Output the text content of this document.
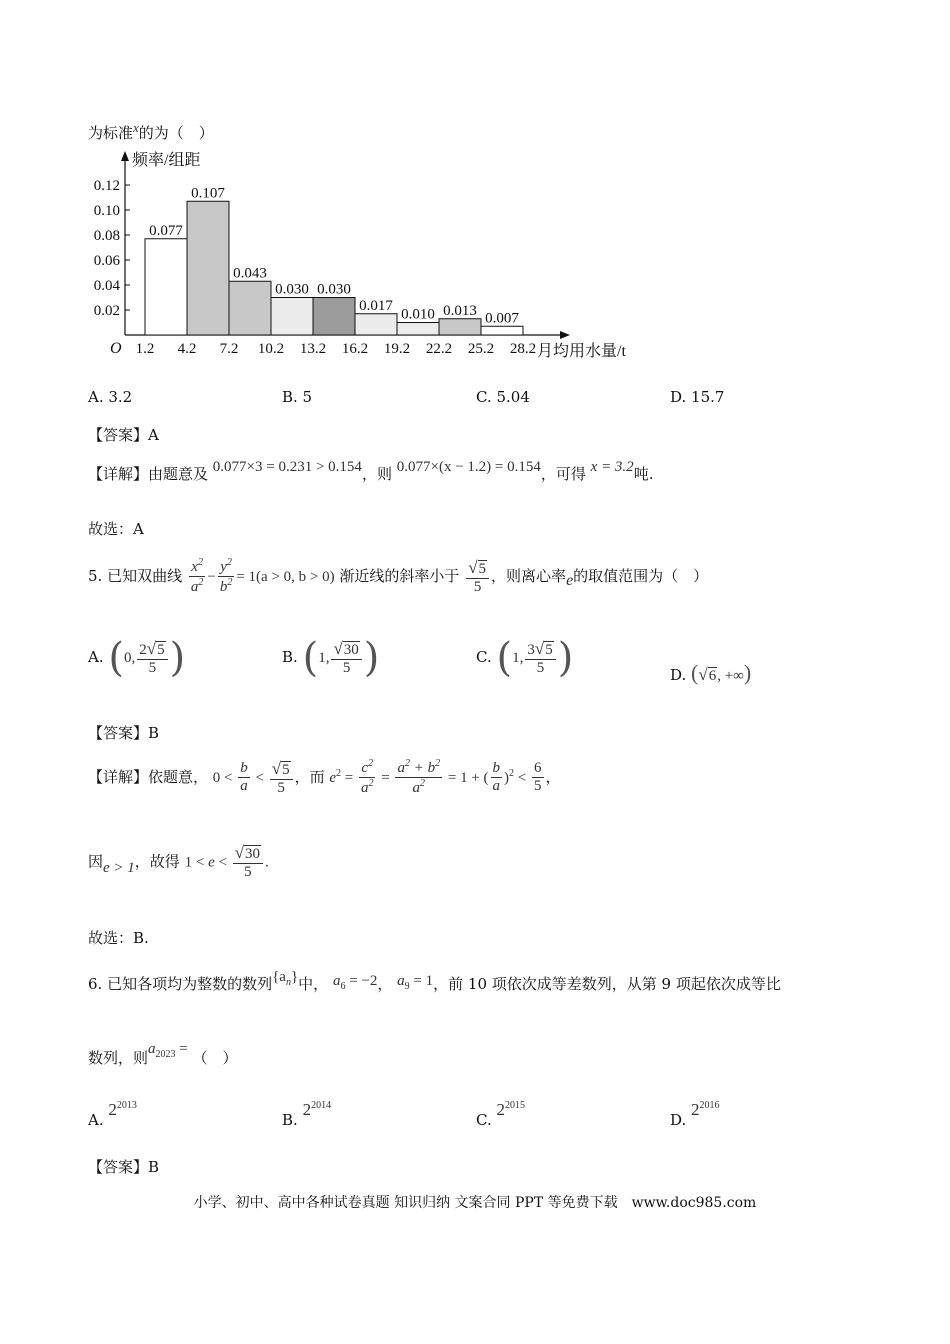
为标准x的为（　）
频率/组距
O
0.12
0.10
0.08
0.06
0.04
0.02
0.077
0.107
0.043
0.030 0.030
0.017
0.010 0.013 0.007
1.2 4.2 7.2 10.2 13.2 16.2 19.2 22.2 25.2 28.2 月均用水量/t
A. 3.2	B. 5	C. 5.04	D. 15.7
【答案】A
【详解】由题意及 0.077×3 = 0.231 > 0.154，则 0.077×(x − 1.2) = 0.154，可得 x = 3.2吨.
故选：A
5. 已知双曲线 $\frac{x^2}{a^2} - \frac{y^2}{b^2} = 1(a > 0$, b > 0) 渐近线的斜率小于 $\frac{√5}{5}$ ，则离心率e的取值范围为（　）
A. (0, $\frac{2√5}{5}$ )	B. (1, $\frac{√30}{5}$ )	C. (1, $\frac{3√5}{5}$ )	D. (√6, +∞)
【答案】B
【详解】依题意， $0 < \frac{b}{a} < \frac{√5}{5}$ ，而 $e^2 = \frac{c^2}{a^2} = \frac{a^2 + b^2}{a^2} = 1$ + ( $\frac{b}{a} )^2 < \frac{6}{5}$ ，
因e > 1，故得 $1 < e < \frac{√30}{5}$ .
故选：B.
6. 已知各项均为整数的数列$\{a_n\}$中， $a_6 = -2$， $a_9 = 1$，前 10 项依次成等差数列，从第 9 项起依次成等比
数列，则$a_{2023}$ = （　）
A. $2^{2013}$
B. $2^{2014}$
C. $2^{2015}$
D. $2^{2016}$
【答案】B
小学、初中、高中各种试卷真题 知识归纳 文案合同 PPT 等免费下载　www.doc985.com
